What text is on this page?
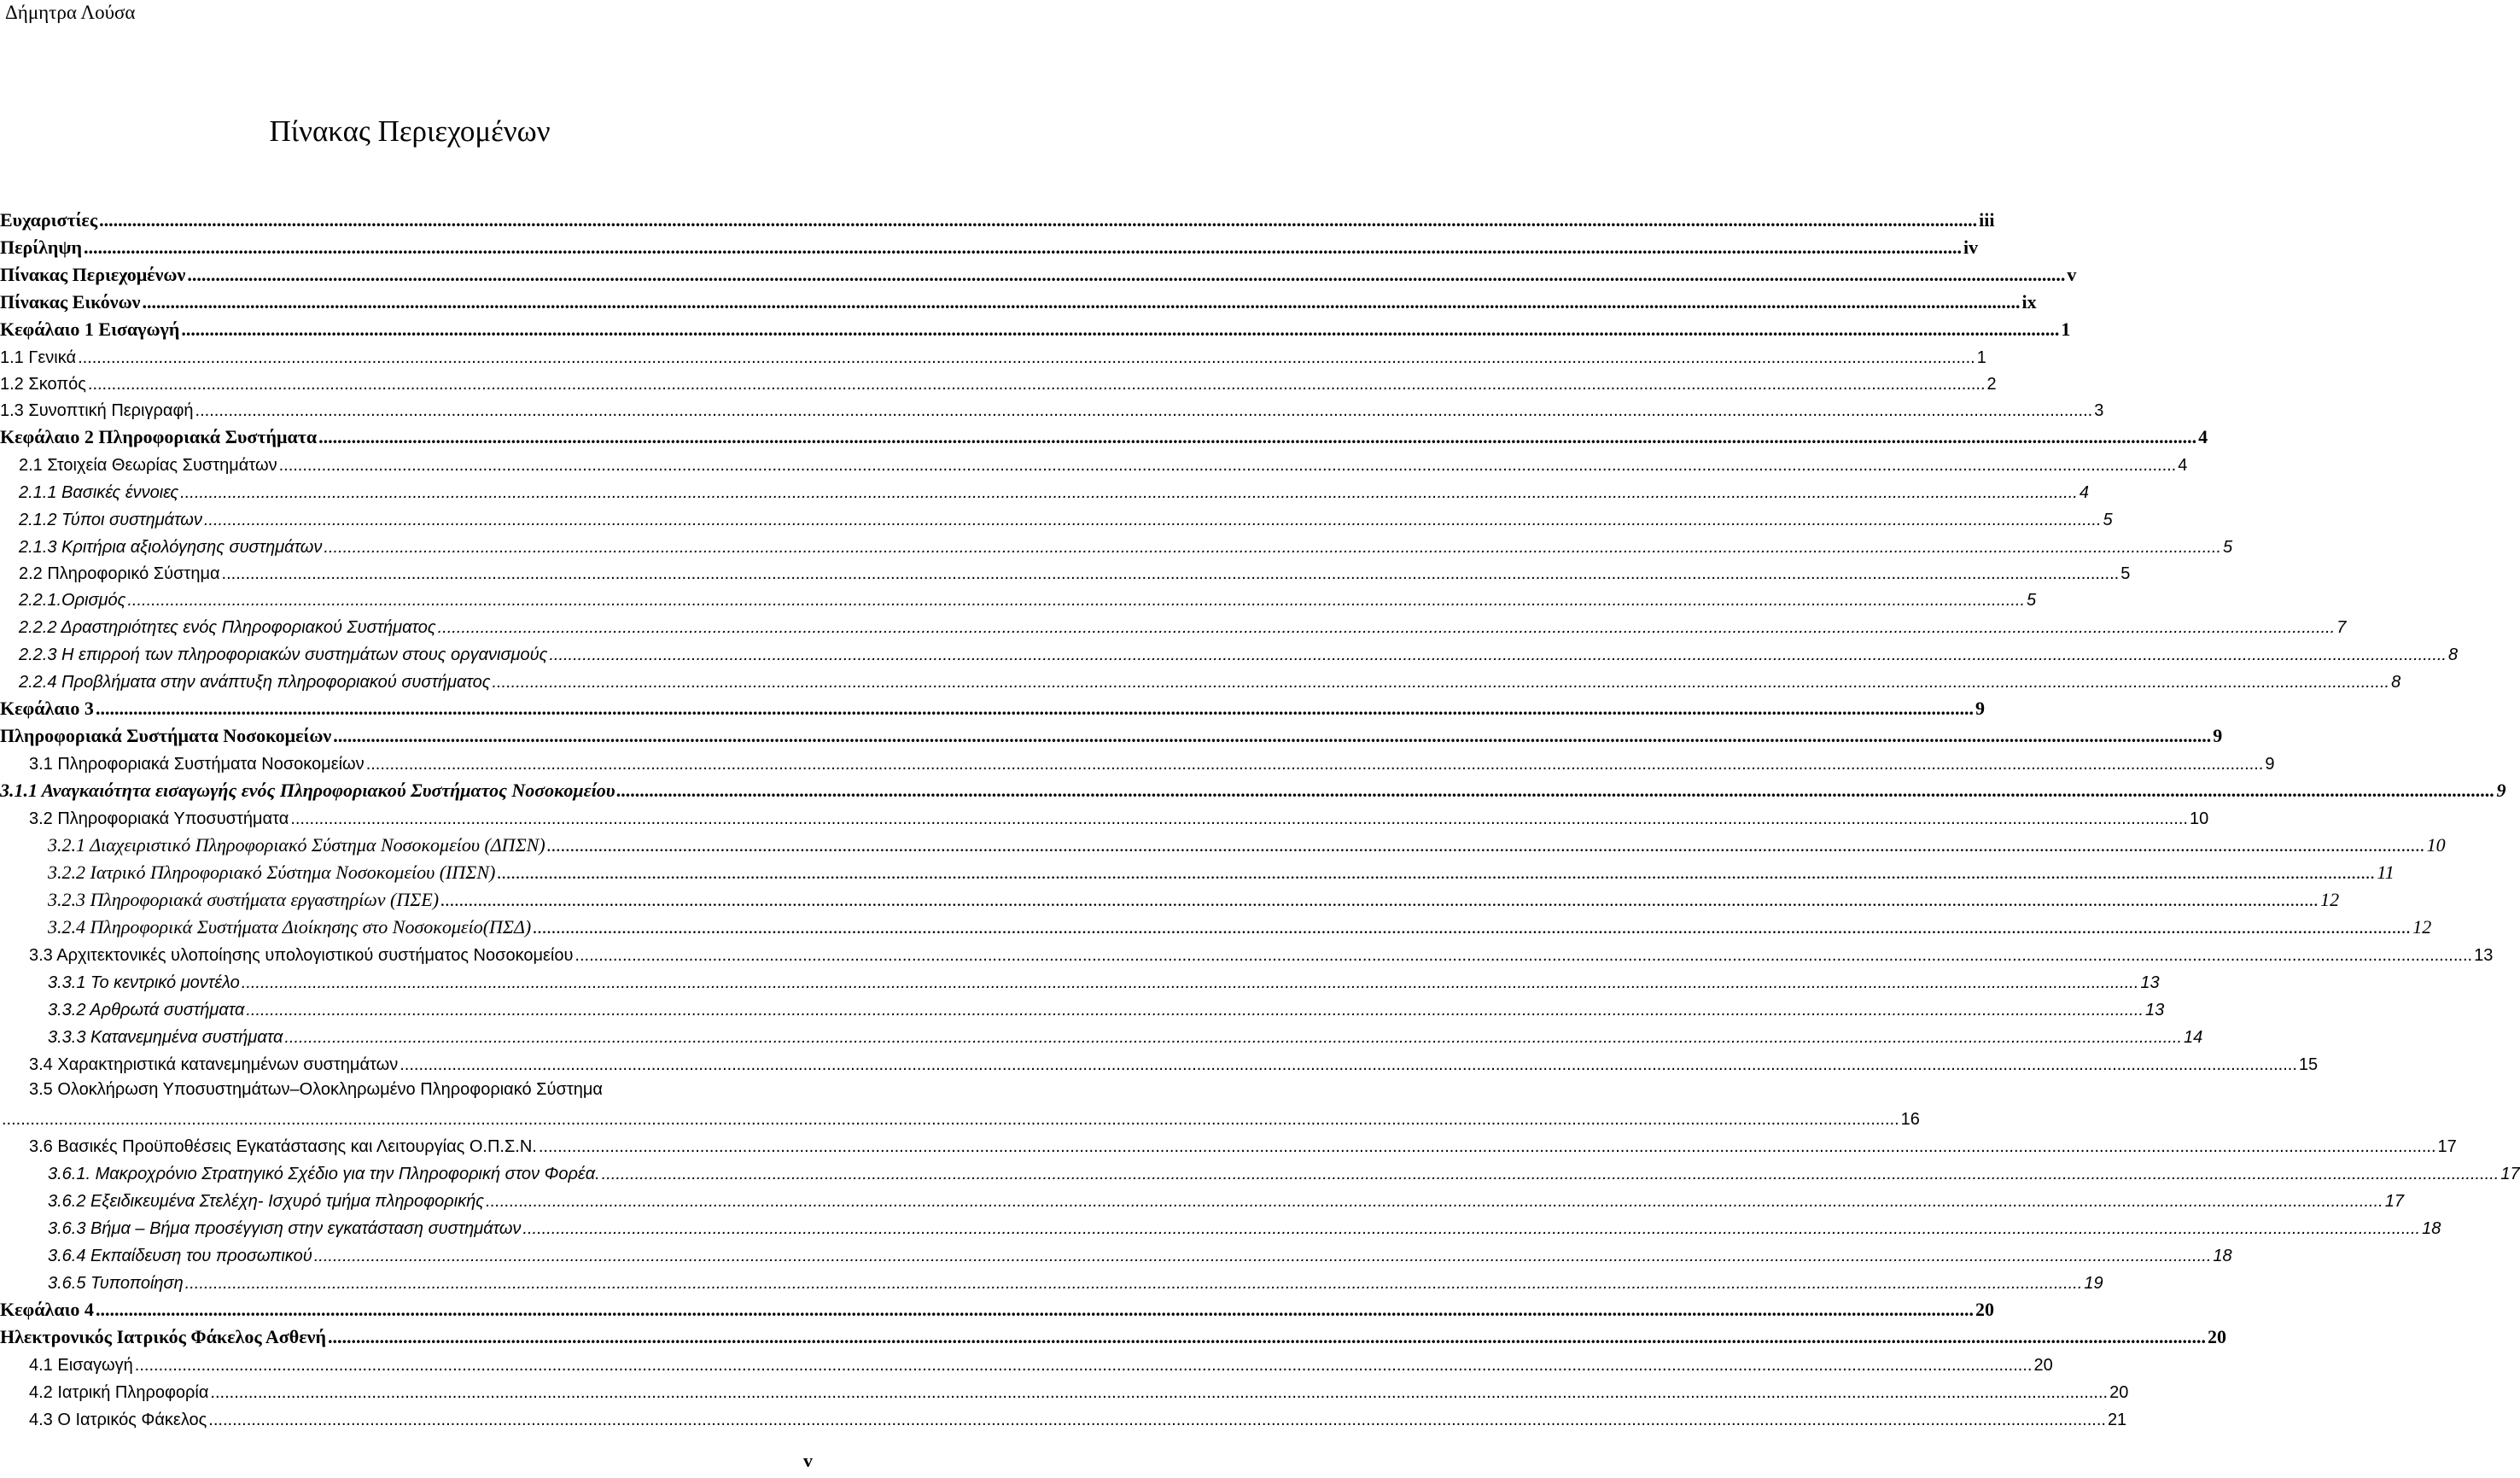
Δήμητρα Λούσα
Πίνακας Περιεχομένων
Ευχαριστίες ................................................................................................................................................................................................................................................................................................................................................................................................................ iii
Περίληψη ................................................................................................................................................................................................................................................................................................................................................................................................................ iv
Πίνακας Περιεχομένων ................................................................................................................................................................................................................................................................................................................................................................................................................ v
Πίνακας Εικόνων ................................................................................................................................................................................................................................................................................................................................................................................................................ ix
Κεφάλαιο 1 Εισαγωγή ................................................................................................................................................................................................................................................................................................................................................................................................................ 1
1.1 Γενικά ................................................................................................................................................................................................................................................................................................................................................................................................................ 1
1.2 Σκοπός ................................................................................................................................................................................................................................................................................................................................................................................................................ 2
1.3 Συνοπτική Περιγραφή ................................................................................................................................................................................................................................................................................................................................................................................................................ 3
Κεφάλαιο 2 Πληροφοριακά Συστήματα ................................................................................................................................................................................................................................................................................................................................................................................................................ 4
2.1 Στοιχεία Θεωρίας Συστημάτων ................................................................................................................................................................................................................................................................................................................................................................................................................ 4
2.1.1 Βασικές έννοιες ................................................................................................................................................................................................................................................................................................................................................................................................................ 4
2.1.2 Τύποι συστημάτων ................................................................................................................................................................................................................................................................................................................................................................................................................ 5
2.1.3 Κριτήρια αξιολόγησης συστημάτων ................................................................................................................................................................................................................................................................................................................................................................................................................ 5
2.2 Πληροφορικό Σύστημα ................................................................................................................................................................................................................................................................................................................................................................................................................ 5
2.2.1.Ορισμός ................................................................................................................................................................................................................................................................................................................................................................................................................ 5
2.2.2 Δραστηριότητες ενός Πληροφοριακού Συστήματος ................................................................................................................................................................................................................................................................................................................................................................................................................ 7
2.2.3 Η επιρροή των πληροφοριακών συστημάτων στους οργανισμούς ................................................................................................................................................................................................................................................................................................................................................................................................................ 8
2.2.4 Προβλήματα στην ανάπτυξη πληροφοριακού συστήματος ................................................................................................................................................................................................................................................................................................................................................................................................................ 8
Κεφάλαιο 3 ................................................................................................................................................................................................................................................................................................................................................................................................................ 9
Πληροφοριακά Συστήματα Νοσοκομείων ................................................................................................................................................................................................................................................................................................................................................................................................................ 9
3.1 Πληροφοριακά Συστήματα Νοσοκομείων ................................................................................................................................................................................................................................................................................................................................................................................................................ 9
3.1.1 Αναγκαιότητα εισαγωγής ενός Πληροφοριακού Συστήματος Νοσοκομείου ................................................................................................................................................................................................................................................................................................................................................................................................................ 9
3.2 Πληροφοριακά Υποσυστήματα ................................................................................................................................................................................................................................................................................................................................................................................................................ 10
3.2.1 Διαχειριστικό Πληροφοριακό Σύστημα Νοσοκομείου (ΔΠΣΝ) ................................................................................................................................................................................................................................................................................................................................................................................................................ 10
3.2.2 Ιατρικό Πληροφοριακό Σύστημα Νοσοκομείου (ΙΠΣΝ) ................................................................................................................................................................................................................................................................................................................................................................................................................ 11
3.2.3 Πληροφοριακά συστήματα εργαστηρίων (ΠΣΕ) ................................................................................................................................................................................................................................................................................................................................................................................................................ 12
3.2.4 Πληροφορικά Συστήματα Διοίκησης στο Νοσοκομείο(ΠΣΔ) ................................................................................................................................................................................................................................................................................................................................................................................................................ 12
3.3 Αρχιτεκτονικές υλοποίησης υπολογιστικού συστήματος Νοσοκομείου ................................................................................................................................................................................................................................................................................................................................................................................................................ 13
3.3.1 Το κεντρικό μοντέλο ................................................................................................................................................................................................................................................................................................................................................................................................................ 13
3.3.2 Αρθρωτά συστήματα ................................................................................................................................................................................................................................................................................................................................................................................................................ 13
3.3.3 Κατανεμημένα συστήματα ................................................................................................................................................................................................................................................................................................................................................................................................................ 14
3.4 Χαρακτηριστικά κατανεμημένων συστημάτων ................................................................................................................................................................................................................................................................................................................................................................................................................ 15
3.5 Ολοκλήρωση Υποσυστημάτων–Ολοκληρωμένο Πληροφοριακό Σύστημα
................................................................................................................................................................................................................................................................................................................................................................................................................ 16
3.6 Βασικές Προϋποθέσεις Εγκατάστασης και Λειτουργίας Ο.Π.Σ.Ν. ................................................................................................................................................................................................................................................................................................................................................................................................................ 17
3.6.1. Μακροχρόνιο Στρατηγικό Σχέδιο για την Πληροφορική στον Φορέα. ................................................................................................................................................................................................................................................................................................................................................................................................................ 17
3.6.2 Εξειδικευμένα Στελέχη- Ισχυρό τμήμα πληροφορικής ................................................................................................................................................................................................................................................................................................................................................................................................................ 17
3.6.3 Βήμα – Βήμα προσέγγιση στην εγκατάσταση συστημάτων ................................................................................................................................................................................................................................................................................................................................................................................................................ 18
3.6.4 Εκπαίδευση του προσωπικού ................................................................................................................................................................................................................................................................................................................................................................................................................ 18
3.6.5 Τυποποίηση ................................................................................................................................................................................................................................................................................................................................................................................................................ 19
Κεφάλαιο 4 ................................................................................................................................................................................................................................................................................................................................................................................................................ 20
Ηλεκτρονικός Ιατρικός Φάκελος Ασθενή ................................................................................................................................................................................................................................................................................................................................................................................................................ 20
4.1 Εισαγωγή ................................................................................................................................................................................................................................................................................................................................................................................................................ 20
4.2 Ιατρική Πληροφορία ................................................................................................................................................................................................................................................................................................................................................................................................................ 20
4.3 Ο Ιατρικός Φάκελος ................................................................................................................................................................................................................................................................................................................................................................................................................ 21
v
